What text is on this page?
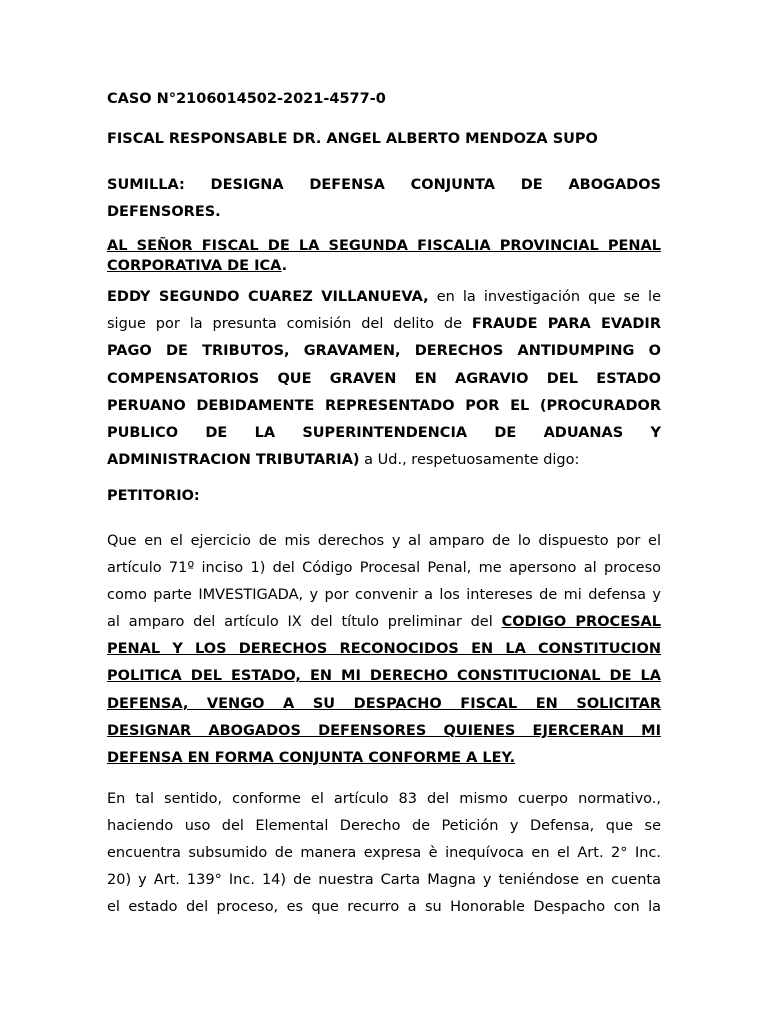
CASO N°2106014502-2021-4577-0
FISCAL RESPONSABLE DR. ANGEL ALBERTO MENDOZA SUPO
SUMILLA: DESIGNA DEFENSA CONJUNTA DE ABOGADOS
DEFENSORES.
AL SEÑOR FISCAL DE LA SEGUNDA FISCALIA PROVINCIAL PENAL
CORPORATIVA DE ICA.
EDDY SEGUNDO CUAREZ VILLANUEVA, en la investigación que se le
sigue por la presunta comisión del delito de FRAUDE PARA EVADIR
PAGO DE TRIBUTOS, GRAVAMEN, DERECHOS ANTIDUMPING O
COMPENSATORIOS QUE GRAVEN EN AGRAVIO DEL ESTADO
PERUANO DEBIDAMENTE REPRESENTADO POR EL (PROCURADOR
PUBLICO DE LA SUPERINTENDENCIA DE ADUANAS Y
ADMINISTRACION TRIBUTARIA) a Ud., respetuosamente digo:
PETITORIO:
Que en el ejercicio de mis derechos y al amparo de lo dispuesto por el
artículo 71º inciso 1) del Código Procesal Penal, me apersono al proceso
como parte IMVESTIGADA, y por convenir a los intereses de mi defensa y
al amparo del artículo IX del título preliminar del CODIGO PROCESAL
PENAL Y LOS DERECHOS RECONOCIDOS EN LA CONSTITUCION
POLITICA DEL ESTADO, EN MI DERECHO CONSTITUCIONAL DE LA
DEFENSA, VENGO A SU DESPACHO FISCAL EN SOLICITAR
DESIGNAR ABOGADOS DEFENSORES QUIENES EJERCERAN MI
DEFENSA EN FORMA CONJUNTA CONFORME A LEY.
En tal sentido, conforme el artículo 83 del mismo cuerpo normativo.,
haciendo uso del Elemental Derecho de Petición y Defensa, que se
encuentra subsumido de manera expresa è inequívoca en el Art. 2° Inc.
20) y Art. 139° Inc. 14) de nuestra Carta Magna y teniéndose en cuenta
el estado del proceso, es que recurro a su Honorable Despacho con la
